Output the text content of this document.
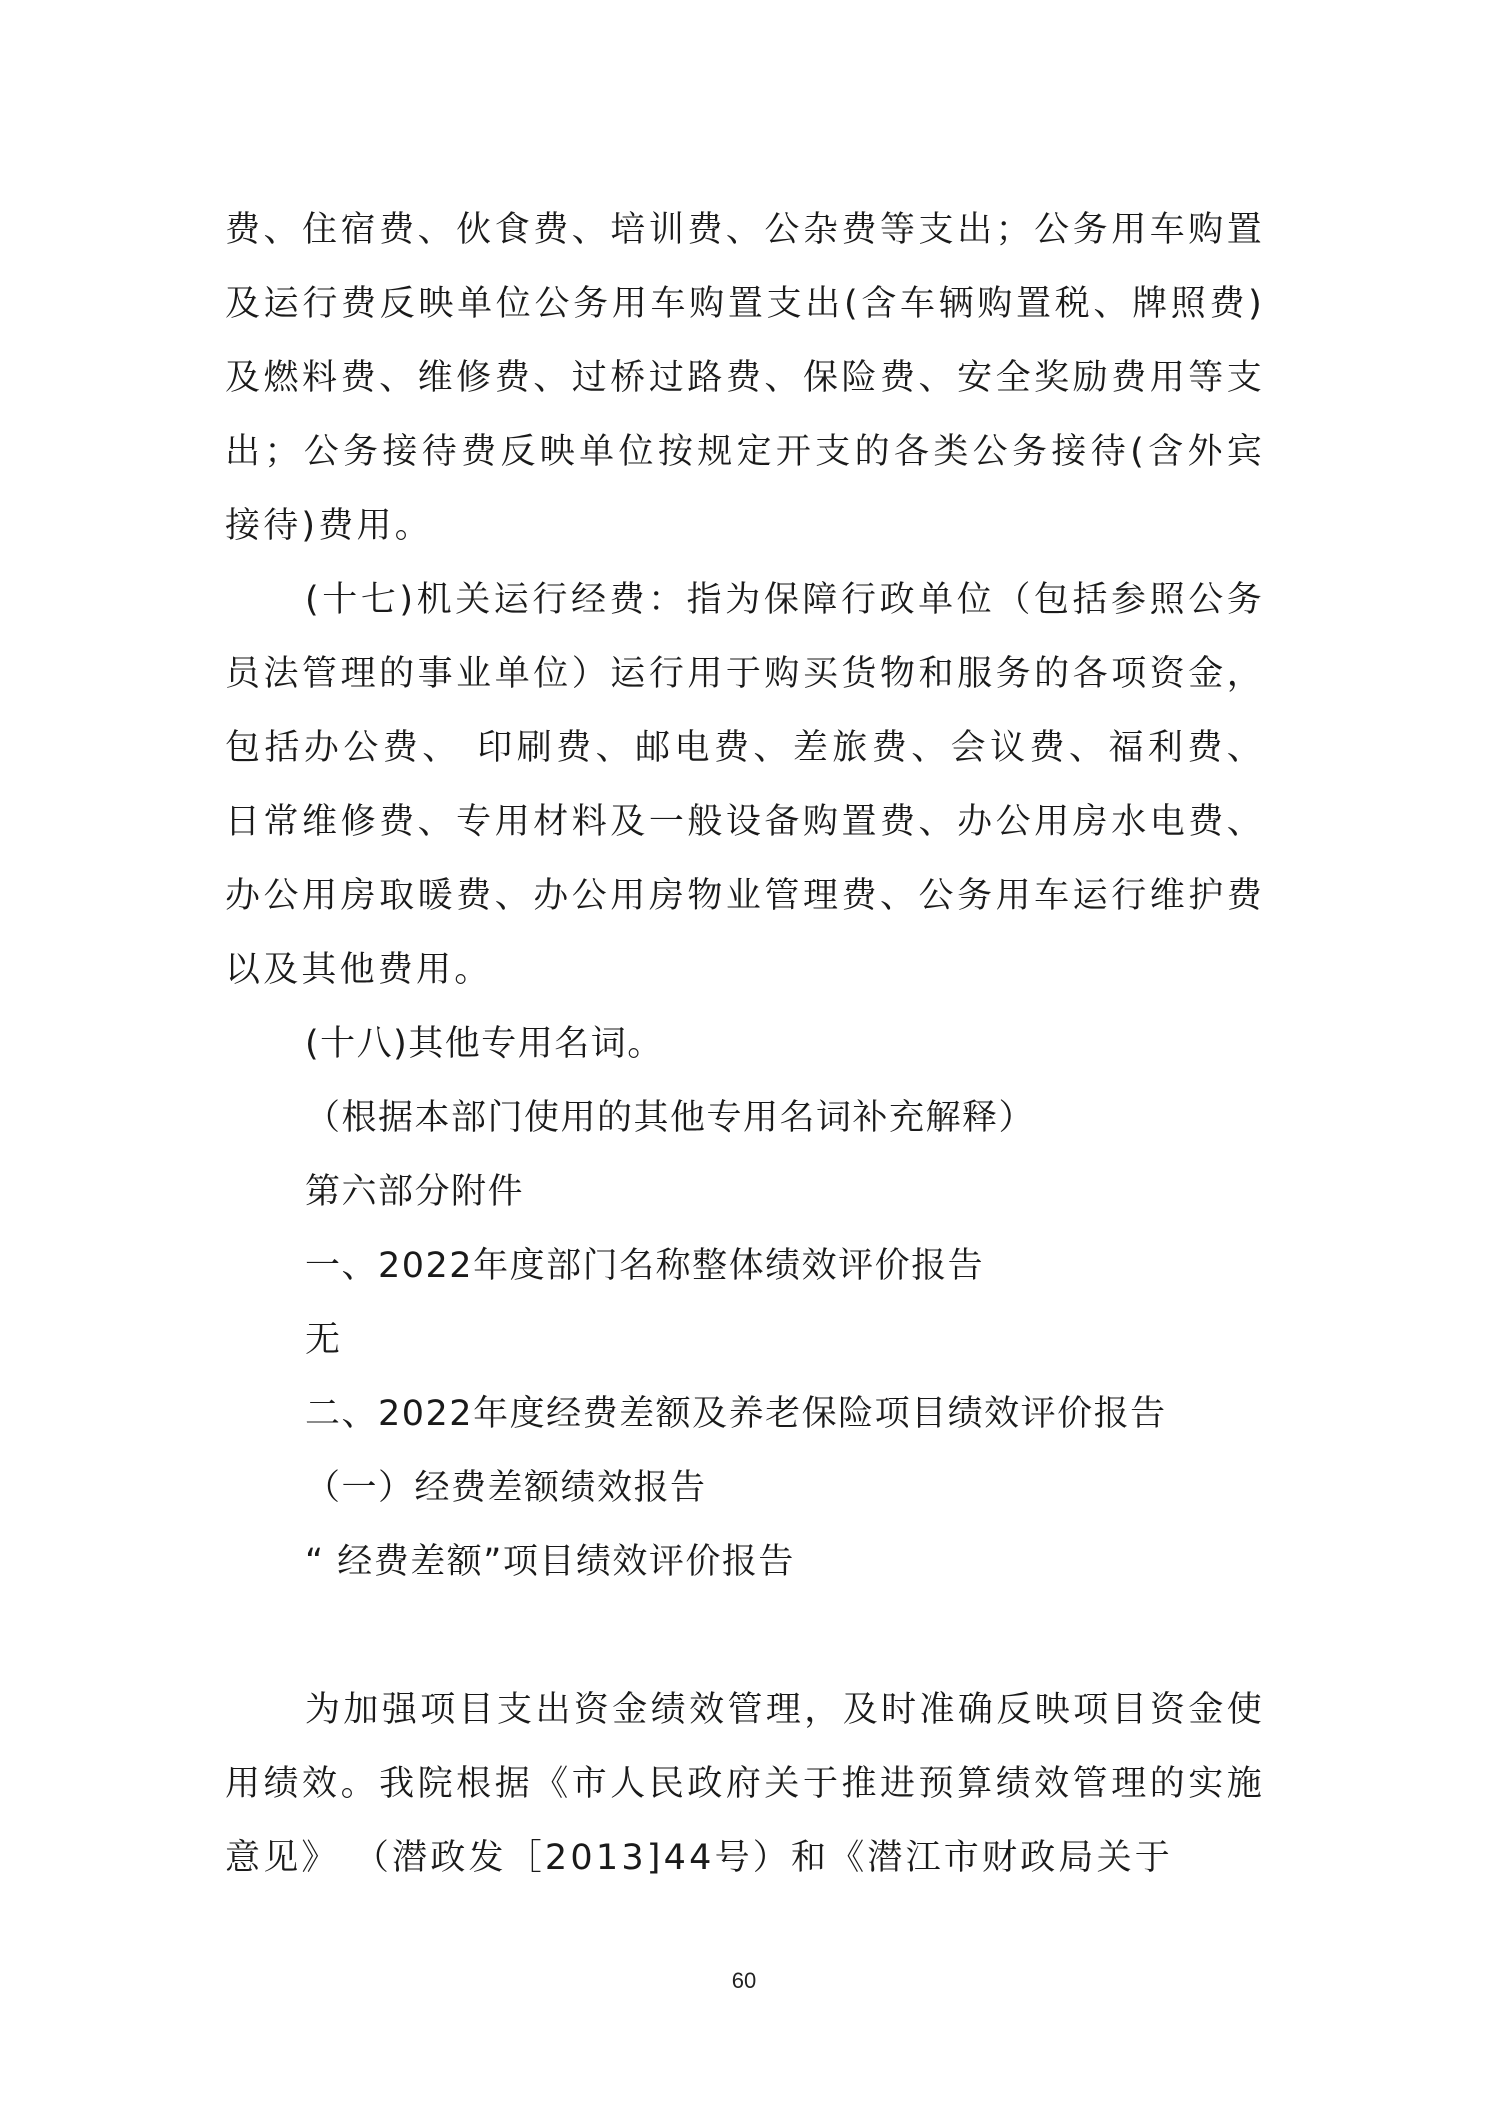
费、住宿费、伙食费、培训费、公杂费等支出；公务用车购置及运行费反映单位公务用车购置支出(含车辆购置税、牌照费)及燃料费、维修费、过桥过路费、保险费、安全奖励费用等支出；公务接待费反映单位按规定开支的各类公务接待(含外宾接待)费用。

(十七)机关运行经费：指为保障行政单位（包括参照公务员法管理的事业单位）运行用于购买货物和服务的各项资金，包括办公费、 印刷费、邮电费、差旅费、会议费、福利费、 日常维修费、专用材料及一般设备购置费、办公用房水电费、办公用房取暖费、办公用房物业管理费、公务用车运行维护费以及其他费用。

(十八)其他专用名词。

（根据本部门使用的其他专用名词补充解释）

第六部分附件

一、2022年度部门名称整体绩效评价报告

无

二、2022年度经费差额及养老保险项目绩效评价报告

（一）经费差额绩效报告

“ 经费差额”项目绩效评价报告

为加强项目支出资金绩效管理，及时准确反映项目资金使用绩效。我院根据《市人民政府关于推进预算绩效管理的实施意见》 （潜政发［2013]44号）和《潜江市财政局关于

60
